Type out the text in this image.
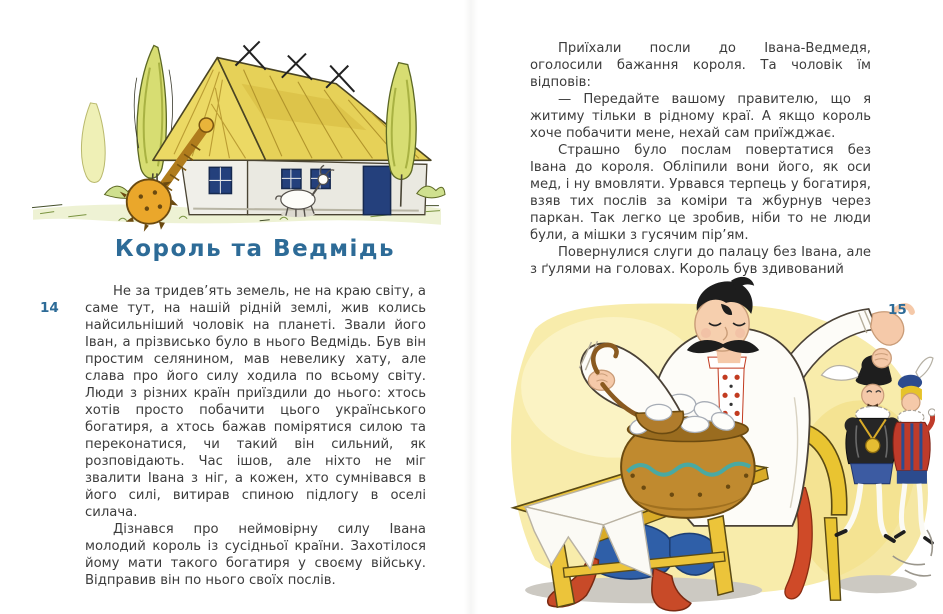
Король та Ведмідь

Не за тридев’ять земель, не на краю світу, а саме тут, на нашій рідній землі, жив колись найсильніший чоловік на планеті. Звали його Іван, а прізвисько було в нього Ведмідь. Був він простим селянином, мав невелику хату, але слава про його силу ходила по всьому світу. Люди з різних країн приїздили до нього: хтось хотів просто побачити цього українського богатиря, а хтось бажав помірятися силою та переконатися, чи такий він сильний, як розповідають. Час ішов, але ніхто не міг звалити Івана з ніг, а кожен, хто сумнівався в його силі, витирав спиною підлогу в оселі силача.

Дізнався про неймовірну силу Івана молодий король із сусідньої країни. Захотілося йому мати такого богатиря у своєму війську. Відправив він по нього своїх послів.

14

Приїхали посли до Івана-Ведмедя, оголосили бажання короля. Та чоловік їм відповів:

— Передайте вашому правителю, що я житиму тільки в рідному краї. А якщо король хоче побачити мене, нехай сам приїжджає.

Страшно було послам повертатися без Івана до короля. Обліпили вони його, як оси мед, і ну вмовляти. Урвався терпець у богатиря, взяв тих послів за коміри та жбурнув через паркан. Так легко це зробив, ніби то не люди були, а мішки з гусячим пір’ям.

Повернулися слуги до палацу без Івана, але з ґулями на головах. Король був здивований

15
